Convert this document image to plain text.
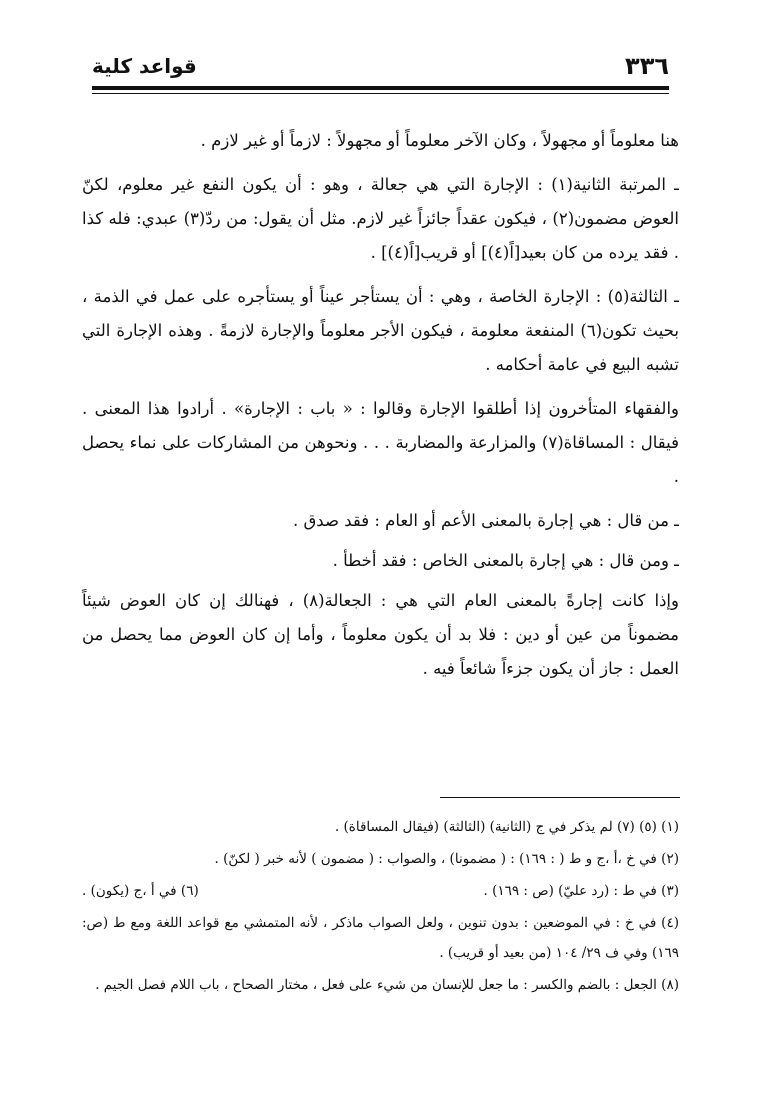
٣٣٦
قواعد كلية

هنا معلوماً أو مجهولاً ، وكان الآخر معلوماً أو مجهولاً : لازماً أو غير لازم .

ـ المرتبة الثانية(١) : الإجارة التي هي جعالة ، وهو : أن يكون النفع غير معلوم، لكنّ العوض مضمون(٢) ، فيكون عقداً جائزاً غير لازم. مثل أن يقول: من ردّ(٣) عبدي: فله كذا . فقد يرده من كان بعيد[اً(٤)] أو قريب[اً(٤)] .

ـ الثالثة(٥) : الإجارة الخاصة ، وهي : أن يستأجر عيناً أو يستأجره على عمل في الذمة ، بحيث تكون(٦) المنفعة معلومة ، فيكون الأجر معلوماً والإجارة لازمةً . وهذه الإجارة التي تشبه البيع في عامة أحكامه .

والفقهاء المتأخرون إذا أطلقوا الإجارة وقالوا : « باب : الإجارة» . أرادوا هذا المعنى . فيقال : المساقاة(٧) والمزارعة والمضاربة . . . ونحوهن من المشاركات على نماء يحصل .

ـ من قال : هي إجارة بالمعنى الأعم أو العام : فقد صدق .

ـ ومن قال : هي إجارة بالمعنى الخاص : فقد أخطأ .

وإذا كانت إجارةً بالمعنى العام التي هي : الجعالة(٨) ، فهنالك إن كان العوض شيئاً مضموناً من عين أو دين : فلا بد أن يكون معلوماً ، وأما إن كان العوض مما يحصل من العمل : جاز أن يكون جزءاً شائعاً فيه .

(١) (٥) (٧) لم يذكر في ج (الثانية) (الثالثة) (فيقال المساقاة) .

(٢) في خ ،أ ،ج و ط ( : ١٦٩) : ( مضمونا) ، والصواب : ( مضمون ) لأنه خبر ( لكنّ) .

(٣) في ط : (رد عليّ) (ص : ١٦٩) .
(٦) في أ ،ج (يكون) .

(٤) في خ : في الموضعين : بدون تنوين ، ولعل الصواب ماذكر ، لأنه المتمشي مع قواعد اللغة ومع ط (ص: ١٦٩) وفي ف ٢٩/ ١٠٤ (من بعيد أو قريب) .

(٨) الجعل : بالضم والكسر : ما جعل للإنسان من شيء على فعل ، مختار الصحاح ، باب اللام فصل الجيم .
